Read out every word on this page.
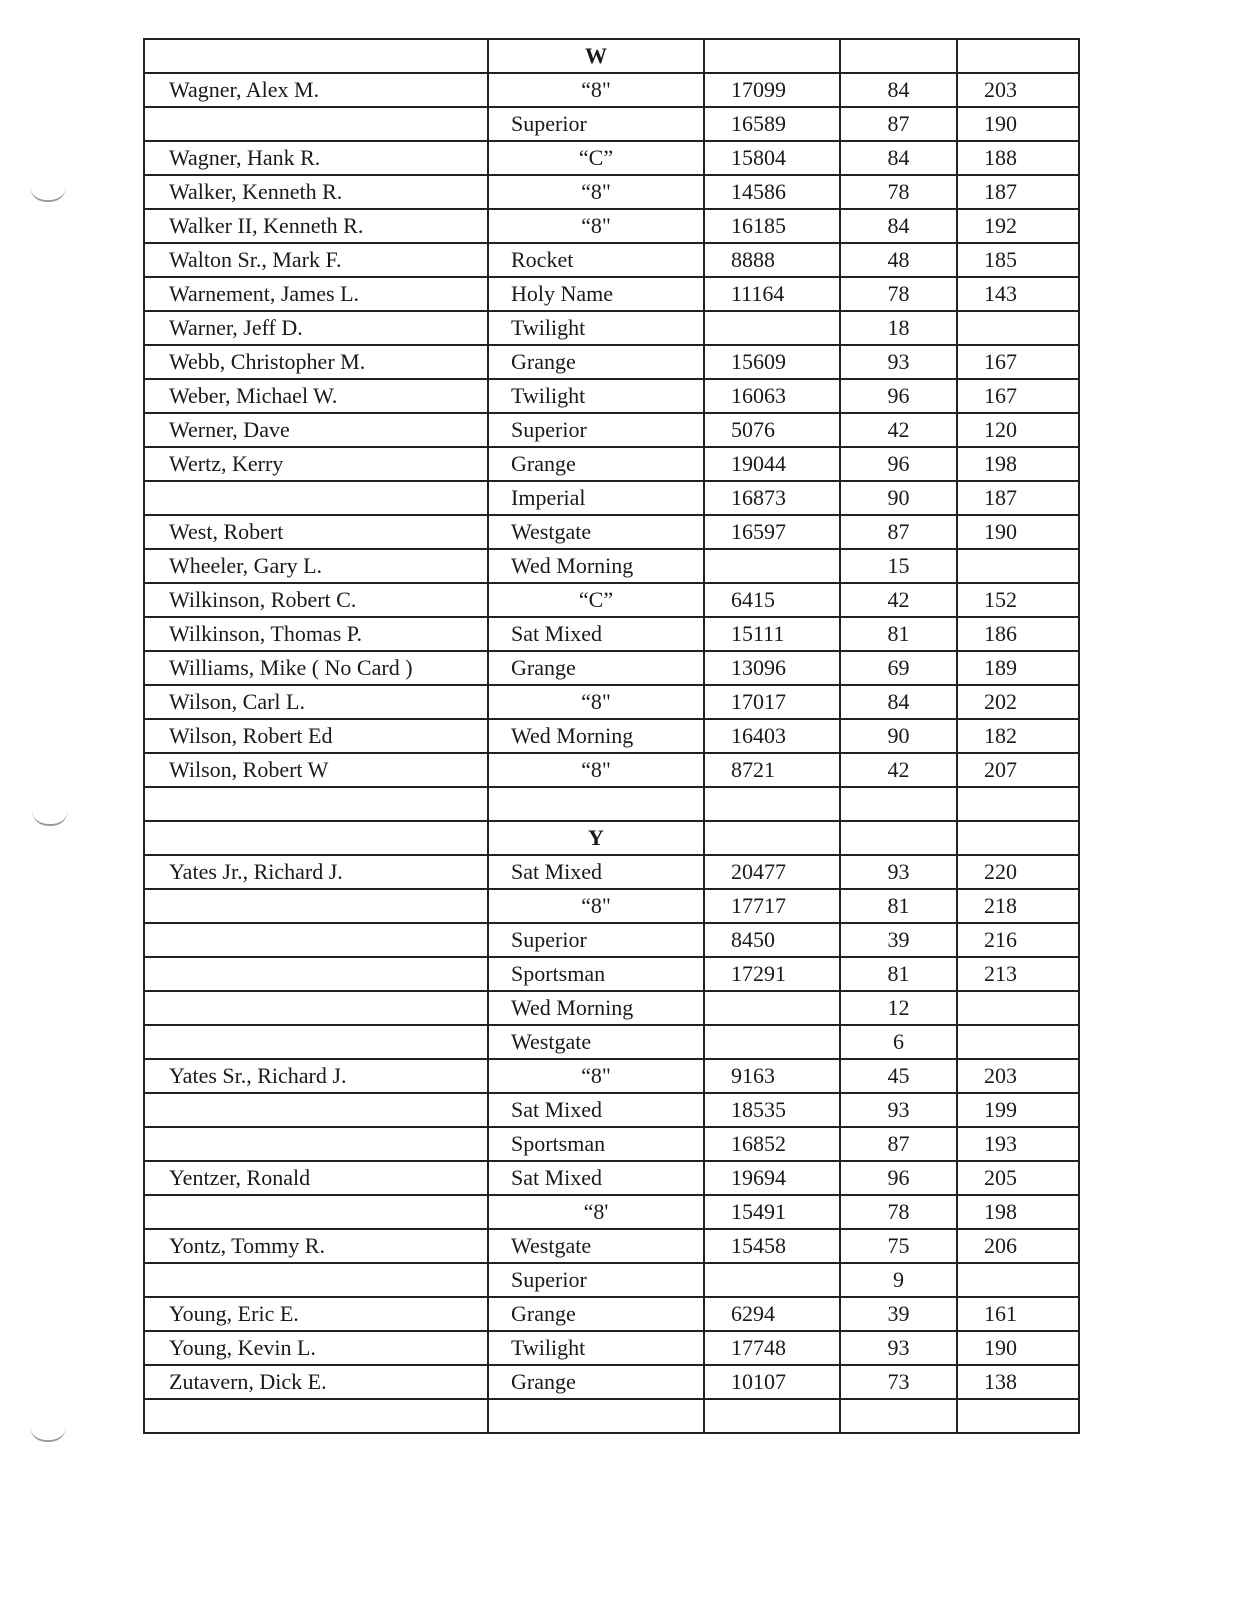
	W			
Wagner, Alex M.	“8"	17099	84	203
	Superior	16589	87	190
Wagner, Hank R.	“C”	15804	84	188
Walker, Kenneth R.	“8"	14586	78	187
Walker II, Kenneth R.	“8"	16185	84	192
Walton Sr., Mark F.	Rocket	8888	48	185
Warnement, James L.	Holy Name	11164	78	143
Warner, Jeff D.	Twilight		18	
Webb, Christopher M.	Grange	15609	93	167
Weber, Michael W.	Twilight	16063	96	167
Werner, Dave	Superior	5076	42	120
Wertz, Kerry	Grange	19044	96	198
	Imperial	16873	90	187
West, Robert	Westgate	16597	87	190
Wheeler, Gary L.	Wed Morning		15	
Wilkinson, Robert C.	“C”	6415	42	152
Wilkinson, Thomas P.	Sat Mixed	15111	81	186
Williams, Mike ( No Card )	Grange	13096	69	189
Wilson, Carl L.	“8"	17017	84	202
Wilson, Robert Ed	Wed Morning	16403	90	182
Wilson, Robert W	“8"	8721	42	207

	Y			
Yates Jr., Richard J.	Sat Mixed	20477	93	220
	“8"	17717	81	218
	Superior	8450	39	216
	Sportsman	17291	81	213
	Wed Morning		12	
	Westgate		6	
Yates Sr., Richard J.	“8"	9163	45	203
	Sat Mixed	18535	93	199
	Sportsman	16852	87	193
Yentzer, Ronald	Sat Mixed	19694	96	205
	“8'	15491	78	198
Yontz, Tommy R.	Westgate	15458	75	206
	Superior		9	
Young, Eric E.	Grange	6294	39	161
Young, Kevin L.	Twilight	17748	93	190
Zutavern, Dick E.	Grange	10107	73	138
